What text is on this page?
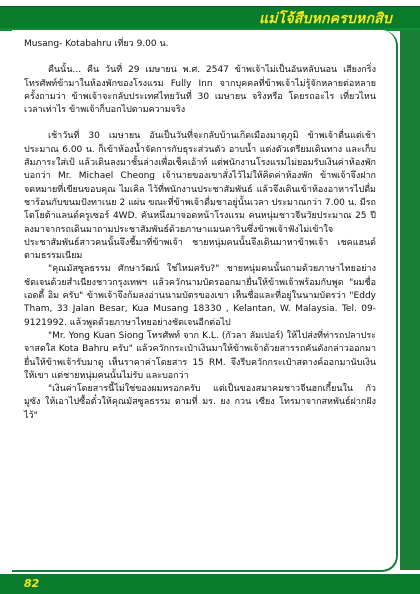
แม่โจ้สืบหกครบหกสิบ

Musang- Kotabahru เที่ยว 9.00 น.

คืนนั้น... คืน วันที่ 29 เมษายน พ.ศ. 2547 ข้าพเจ้าไม่เป็นอันหลับนอน เสียงกริ่งโทรศัพท์ข้ามาในห้องพักของโรงแรม Fully Inn จากบุคคลที่ข้าพเจ้าไม่รู้จักหลายต่อหลายครั้งถามว่า ข้าพเจ้าจะกลับประเทศไทยวันที่ 30 เมษายน จริงหรือ โดยรถอะไร เที่ยวไหน เวลาเท่าไร ข้าพเจ้าก็บอกไปตามความจริง

เช้าวันที่ 30 เมษายน อันเป็นวันที่จะกลับบ้านเกิดเมืองมาตุภูมิ ข้าพเจ้าตื่นแต่เช้าประมาณ 6.00 น. ก็เข้าห้องน้ำจัดการกับธุระส่วนตัว อาบน้ำ แต่งตัวเตรียมเดินทาง และเก็บสัมภาระใส่เป้ แล้วเดินลงมาชั้นล่างเพื่อเช็คเอ้าท์ แต่พนักงานโรงแรมไม่ยอมรับเงินค่าห้องพัก บอกว่า Mr. Michael Cheong เจ้านายของเขาสั่งไว้ไม่ให้คิดค่าห้องพัก ข้าพเจ้าจึงฝากจดหมายที่เขียนขอบคุณ ไมเคิล ไว้ที่พนักงานประชาสัมพันธ์ แล้วจึงเดินเข้าห้องอาหารไปดื่มชาร้อนกับขนมปังทาเนย 2 แผ่น ขณะที่ข้าพเจ้าดื่มชาอยู่นั้นเวลา ประมาณกว่า 7.00 น. มีรถโตโยต้าแลนด์ครูเซอร์ 4WD. คันหนึ่งมาจอดหน้าโรงแรม คนหนุ่มชาวจีนวัยประมาณ 25 ปี ลงมาจากรถเดินมาถามประชาสัมพันธ์ด้วยภาษาแมนดารินซึ่งข้าพเจ้าฟังไม่เข้าใจ ประชาสัมพันธ์สาวคนนั้นจึงชี้มาที่ข้าพเจ้า ชายหนุ่มคนนั้นจึงเดินมาหาข้าพเจ้า เชคแฮนด์ตามธรรมเนียม

"คุณมัสซูลธรรม ศักษาวัฒน์ ใช่ไหมครับ?" ชายหนุ่มคนนั้นถามด้วยภาษาไทยอย่างชัดเจนด้วยสำเนียงชาวกรุงเทพฯ แล้วควักนามบัตรออกมายื่นให้ข้าพเจ้าพร้อมกับพูด "ผมชื่อ เอดดี้ อิม ครับ" ข้าพเจ้าจึงก้มลงอ่านนามบัตรของเขา เห็นชื่อและที่อยู่ในนามบัตรว่า "Eddy Tham, 33 Jalan Besar, Kua Musang 18330 , Kelantan, W. Malaysia. Tel. 09-9121992. แล้วพูดด้วยภาษาไทยอย่างชัดเจนอีกต่อไป

"Mr. Yong Kuan Siong โทรศัพท์ จาก K.L. (กัวลา ลัมเปอร์) ให้ไปส่งที่ท่ารถปลาประจาสดใส Kota Bahru ครับ" แล้วควักกระเป๋าเงินมาให้ข้าพเจ้าด้วยสารรถคันดังกล่าวออกมายื่นให้ข้าพเจ้ารับมาดู เห็นราคาค่าโดยสาร 15 RM. จึงรีบควักกระเป๋าสตางค์ออกมานับเงินให้เขา แต่ชายหนุ่มคนนั้นไม่รับ และบอกว่า

"เงินค่าโดยสารนี้ไม่ใช่ของผมหรอกครับ แต่เป็นของสมาคมชาวจีนฮกเกี้ยนใน กัว มูซัง ให้เอาไปซื้อตั๋วให้คุณมัสซูลธรรม ตามที่ มร. ยง กวน เซียง โทรมาจากสหพันธ์ฝากฝังไว้"

82
